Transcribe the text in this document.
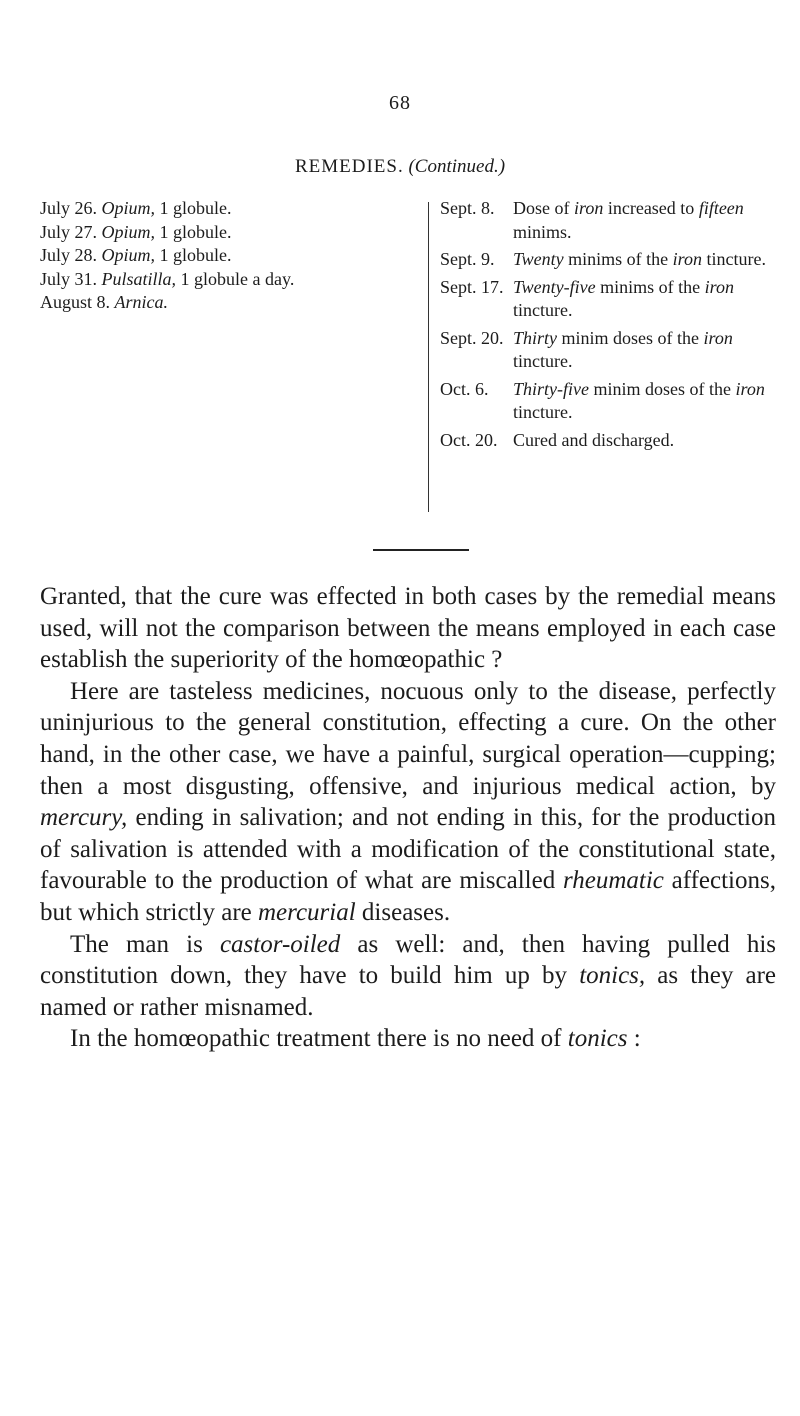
68
REMEDIES. (Continued.)
July 26. Opium, 1 globule.
July 27. Opium, 1 globule.
July 28. Opium, 1 globule.
July 31. Pulsatilla, 1 globule a day.
August 8. Arnica.
Sept. 8.	Dose of iron increased to fifteen minims.
Sept. 9.	Twenty minims of the iron tincture.
Sept. 17. Twenty-five minims of the iron tincture.
Sept. 20. Thirty minim doses of the iron tincture.
Oct. 6.	Thirty-five minim doses of the iron tincture.
Oct. 20. Cured and discharged.

Granted, that the cure was effected in both cases by the remedial means used, will not the comparison between the means employed in each case establish the superiority of the homœopathic ?

Here are tasteless medicines, nocuous only to the disease, perfectly uninjurious to the general constitution, effecting a cure. On the other hand, in the other case, we have a painful, surgical operation—cupping; then a most disgusting, offensive, and injurious medical action, by mercury, ending in salivation; and not ending in this, for the production of salivation is attended with a modification of the constitutional state, favourable to the production of what are miscalled rheumatic affections, but which strictly are mercurial diseases.

The man is castor-oiled as well: and, then having pulled his constitution down, they have to build him up by tonics, as they are named or rather misnamed.

In the homœopathic treatment there is no need of tonics :
